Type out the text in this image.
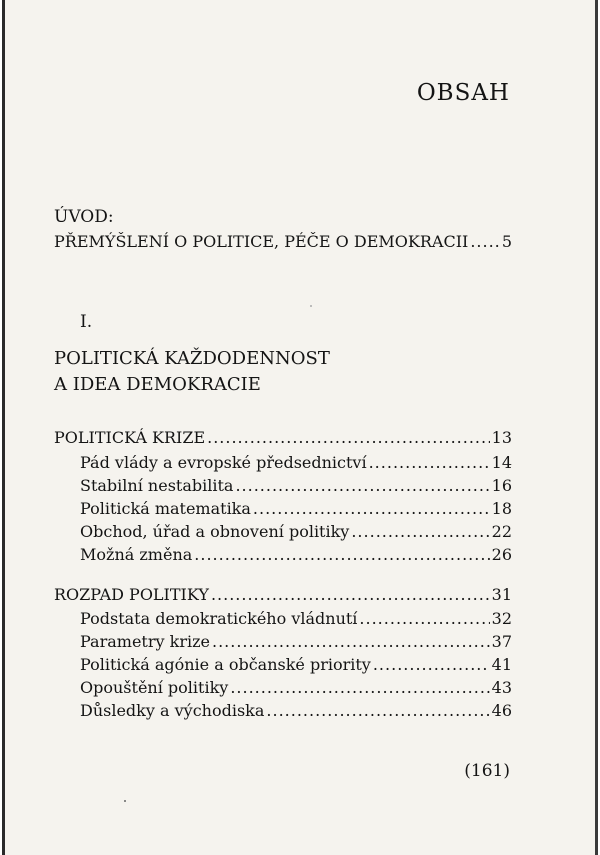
OBSAH
ÚVOD:
PŘEMÝŠLENÍ O POLITICE, PÉČE O DEMOKRACII ..... 5
I.
POLITICKÁ KAŽDODENNOST
A IDEA DEMOKRACIE
POLITICKÁ KRIZE .....	13
Pád vlády a evropské předsednictví .....	14
Stabilní nestabilita .....	16
Politická matematika .....	18
Obchod, úřad a obnovení politiky .....	22
Možná změna .....	26
ROZPAD POLITIKY .....	31
Podstata demokratického vládnutí .....	32
Parametry krize .....	37
Politická agónie a občanské priority .....	41
Opouštění politiky .....	43
Důsledky a východiska .....	46
(161)
